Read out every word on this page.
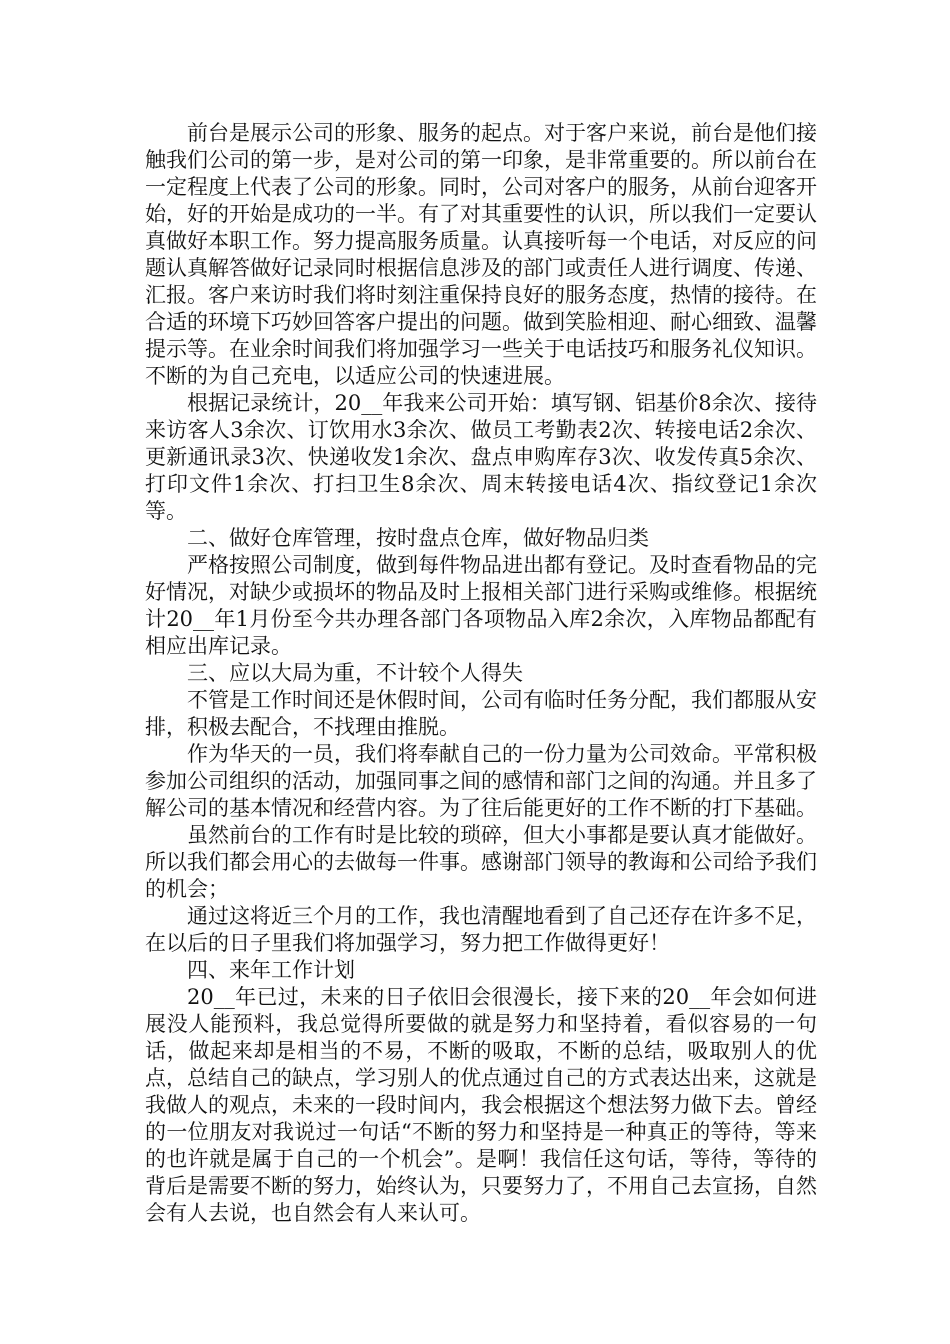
前台是展示公司的形象、服务的起点。对于客户来说，前台是他们接触我们公司的第一步，是对公司的第一印象，是非常重要的。所以前台在一定程度上代表了公司的形象。同时，公司对客户的服务，从前台迎客开始，好的开始是成功的一半。有了对其重要性的认识，所以我们一定要认真做好本职工作。努力提高服务质量。认真接听每一个电话，对反应的问题认真解答做好记录同时根据信息涉及的部门或责任人进行调度、传递、汇报。客户来访时我们将时刻注重保持良好的服务态度，热情的接待。在合适的环境下巧妙回答客户提出的问题。做到笑脸相迎、耐心细致、温馨提示等。在业余时间我们将加强学习一些关于电话技巧和服务礼仪知识。不断的为自己充电，以适应公司的快速进展。

根据记录统计，20__年我来公司开始：填写钢、铝基价8余次、接待来访客人3余次、订饮用水3余次、做员工考勤表2次、转接电话2余次、更新通讯录3次、快递收发1余次、盘点申购库存3次、收发传真5余次、打印文件1余次、打扫卫生8余次、周末转接电话4次、指纹登记1余次等。

二、做好仓库管理，按时盘点仓库，做好物品归类

严格按照公司制度，做到每件物品进出都有登记。及时查看物品的完好情况，对缺少或损坏的物品及时上报相关部门进行采购或维修。根据统计20__年1月份至今共办理各部门各项物品入库2余次，入库物品都配有相应出库记录。

三、应以大局为重，不计较个人得失

不管是工作时间还是休假时间，公司有临时任务分配，我们都服从安排，积极去配合，不找理由推脱。

作为华天的一员，我们将奉献自己的一份力量为公司效命。平常积极参加公司组织的活动，加强同事之间的感情和部门之间的沟通。并且多了解公司的基本情况和经营内容。为了往后能更好的工作不断的打下基础。

虽然前台的工作有时是比较的琐碎，但大小事都是要认真才能做好。所以我们都会用心的去做每一件事。感谢部门领导的教诲和公司给予我们的机会；

通过这将近三个月的工作，我也清醒地看到了自己还存在许多不足，在以后的日子里我们将加强学习，努力把工作做得更好！

四、来年工作计划

20__年已过，未来的日子依旧会很漫长，接下来的20__年会如何进展没人能预料，我总觉得所要做的就是努力和坚持着，看似容易的一句话，做起来却是相当的不易，不断的吸取，不断的总结，吸取别人的优点，总结自己的缺点，学习别人的优点通过自己的方式表达出来，这就是我做人的观点，未来的一段时间内，我会根据这个想法努力做下去。曾经的一位朋友对我说过一句话“不断的努力和坚持是一种真正的等待，等来的也许就是属于自己的一个机会”。是啊！我信任这句话，等待，等待的背后是需要不断的努力，始终认为，只要努力了，不用自己去宣扬，自然会有人去说，也自然会有人来认可。
